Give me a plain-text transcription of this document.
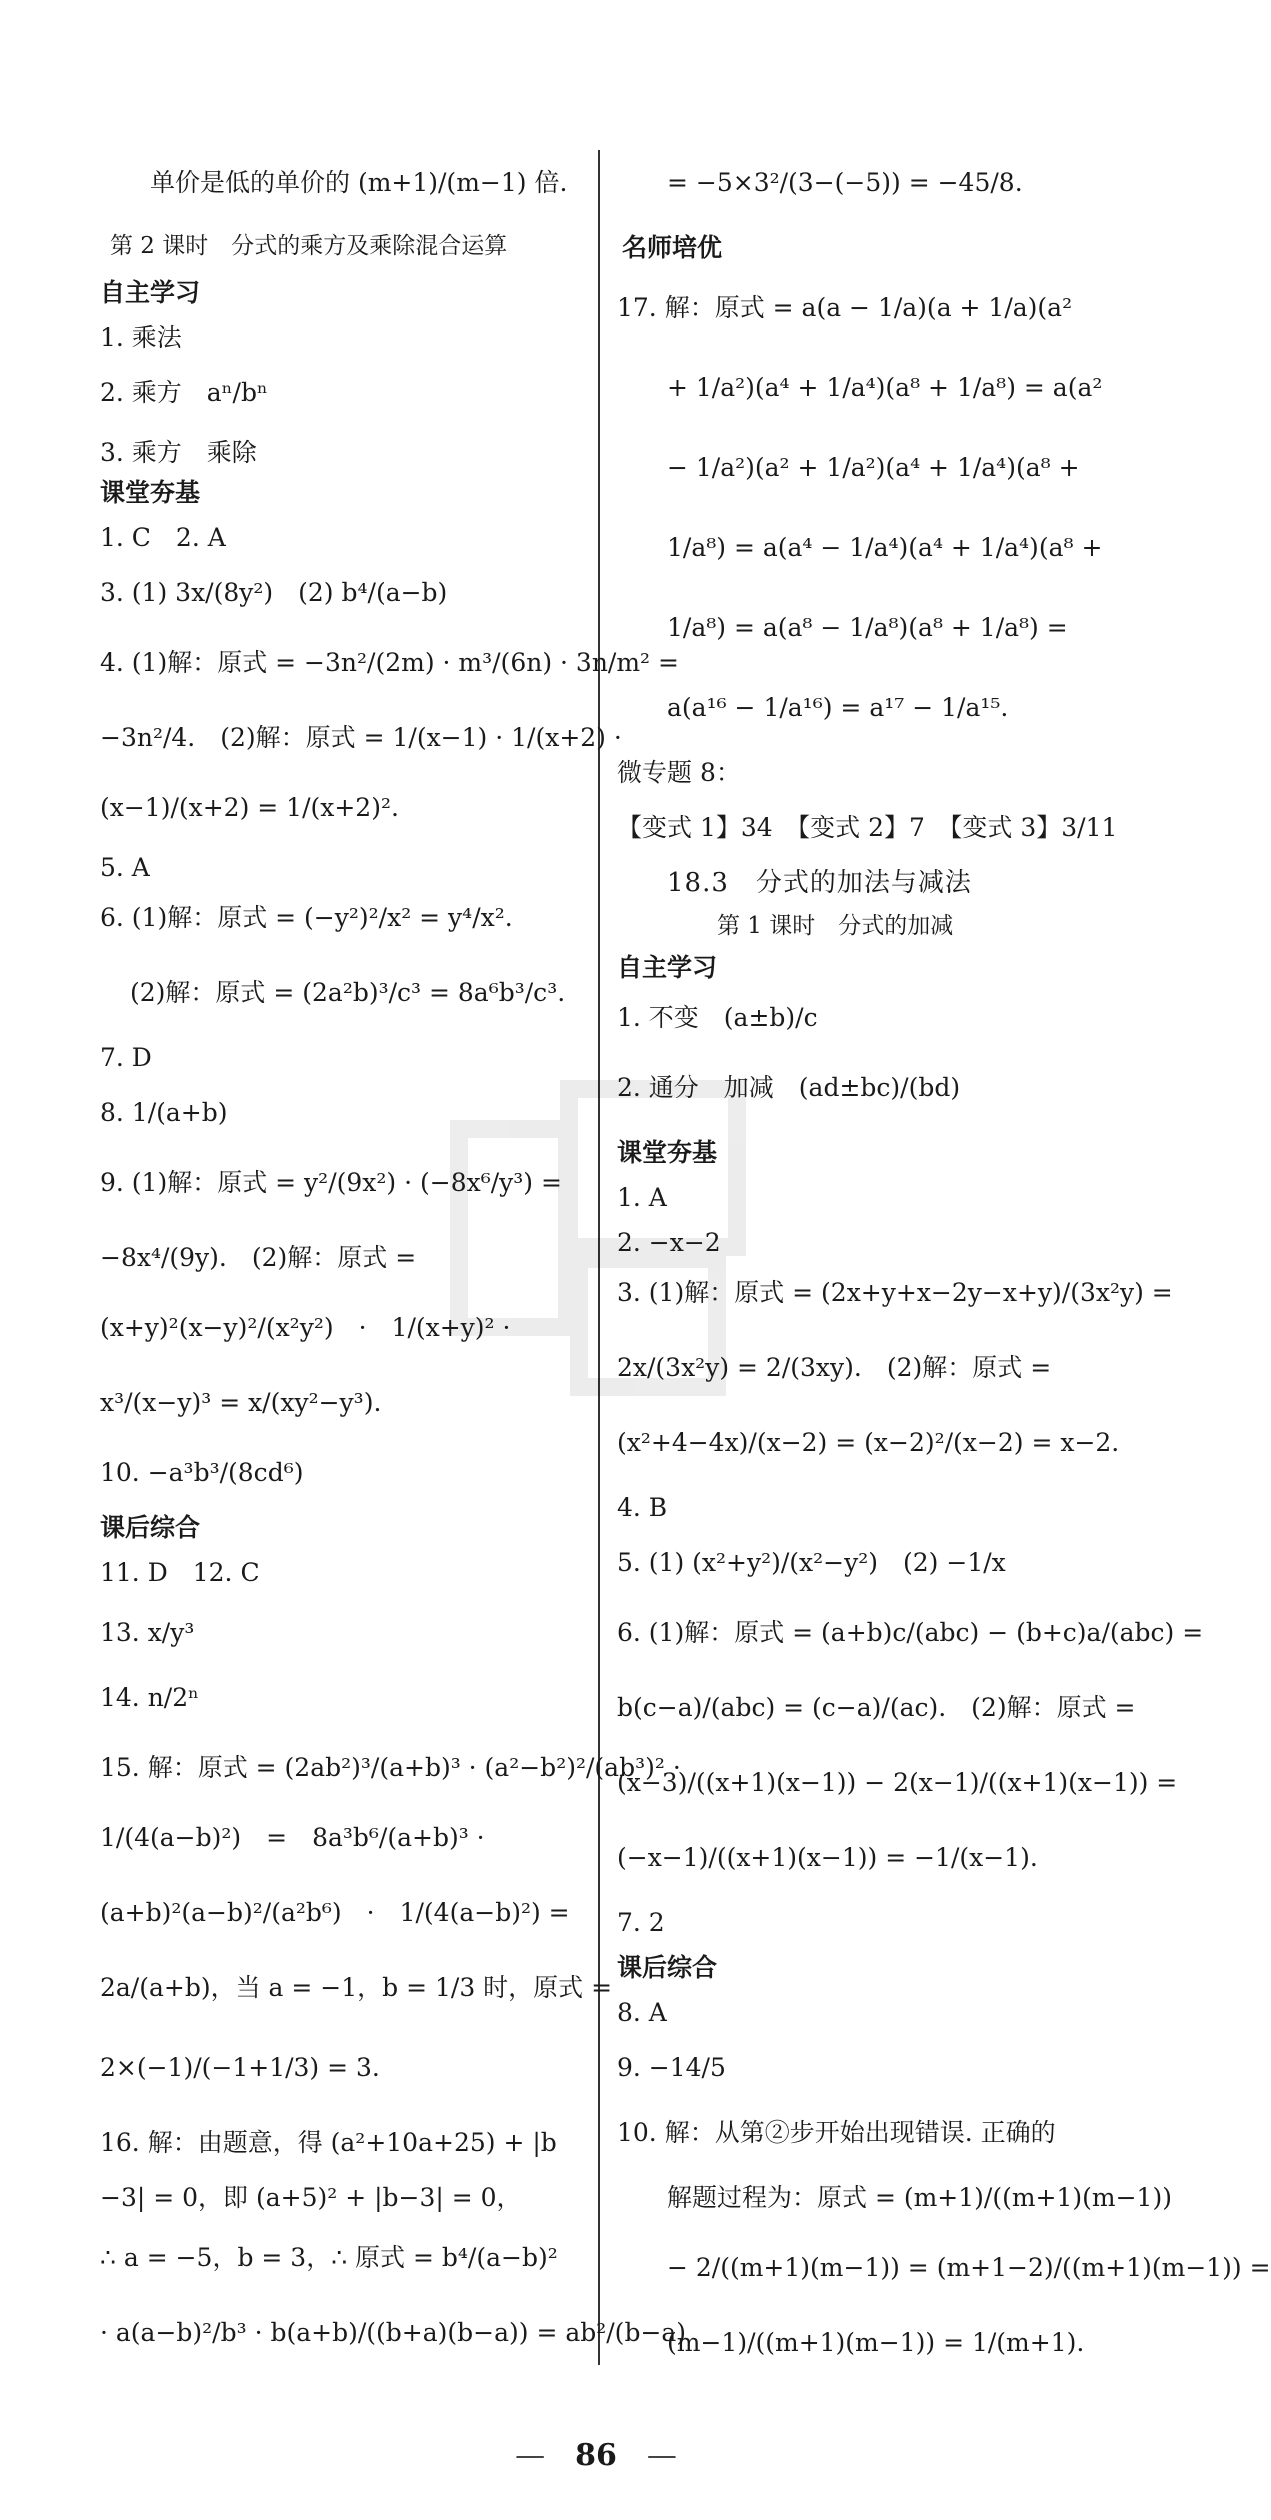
单价是低的单价的 (m+1)/(m−1) 倍.
第 2 课时　分式的乘方及乘除混合运算
自主学习
1. 乘法
2. 乘方　aⁿ/bⁿ
3. 乘方　乘除
课堂夯基
1. C　2. A
3. (1) 3x/(8y²)　(2) b⁴/(a−b)
4. (1)解：原式 = −3n²/(2m) · m³/(6n) · 3n/m² =
−3n²/4.　(2)解：原式 = 1/(x−1) · 1/(x+2) ·
(x−1)/(x+2) = 1/(x+2)².
5. A
6. (1)解：原式 = (−y²)²/x² = y⁴/x².
(2)解：原式 = (2a²b)³/c³ = 8a⁶b³/c³.
7. D
8. 1/(a+b)
9. (1)解：原式 = y²/(9x²) · (−8x⁶/y³) =
−8x⁴/(9y).　(2)解：原式 =
(x+y)²(x−y)²/(x²y²)　·　1/(x+y)² ·
x³/(x−y)³ = x/(xy²−y³).
10. −a³b³/(8cd⁶)
课后综合
11. D　12. C
13. x/y³
14. n/2ⁿ
15. 解：原式 = (2ab²)³/(a+b)³ · (a²−b²)²/(ab³)² ·
1/(4(a−b)²)　=　8a³b⁶/(a+b)³ ·
(a+b)²(a−b)²/(a²b⁶)　·　1/(4(a−b)²) =
2a/(a+b)，当 a = −1，b = 1/3 时，原式 =
2×(−1)/(−1+1/3) = 3.
16. 解：由题意，得 (a²+10a+25) + |b
−3| = 0，即 (a+5)² + |b−3| = 0，
∴ a = −5，b = 3，∴ 原式 = b⁴/(a−b)²
· a(a−b)²/b³ · b(a+b)/((b+a)(b−a)) = ab²/(b−a)
= −5×3²/(3−(−5)) = −45/8.
名师培优
17. 解：原式 = a(a − 1/a)(a + 1/a)(a²
+ 1/a²)(a⁴ + 1/a⁴)(a⁸ + 1/a⁸) = a(a²
− 1/a²)(a² + 1/a²)(a⁴ + 1/a⁴)(a⁸ +
1/a⁸) = a(a⁴ − 1/a⁴)(a⁴ + 1/a⁴)(a⁸ +
1/a⁸) = a(a⁸ − 1/a⁸)(a⁸ + 1/a⁸) =
a(a¹⁶ − 1/a¹⁶) = a¹⁷ − 1/a¹⁵.
微专题 8：
【变式 1】34　【变式 2】7　【变式 3】3/11
18.3　分式的加法与减法
第 1 课时　分式的加减
自主学习
1. 不变　(a±b)/c
2. 通分　加减　(ad±bc)/(bd)
课堂夯基
1. A
2. −x−2
3. (1)解：原式 = (2x+y+x−2y−x+y)/(3x²y) =
2x/(3x²y) = 2/(3xy).　(2)解：原式 =
(x²+4−4x)/(x−2) = (x−2)²/(x−2) = x−2.
4. B
5. (1) (x²+y²)/(x²−y²)　(2) −1/x
6. (1)解：原式 = (a+b)c/(abc) − (b+c)a/(abc) =
b(c−a)/(abc) = (c−a)/(ac).　(2)解：原式 =
(x−3)/((x+1)(x−1)) − 2(x−1)/((x+1)(x−1)) =
(−x−1)/((x+1)(x−1)) = −1/(x−1).
7. 2
课后综合
8. A
9. −14/5
10. 解：从第②步开始出现错误. 正确的
解题过程为：原式 = (m+1)/((m+1)(m−1))
− 2/((m+1)(m−1)) = (m+1−2)/((m+1)(m−1)) =
(m−1)/((m+1)(m−1)) = 1/(m+1).
—　86　—
